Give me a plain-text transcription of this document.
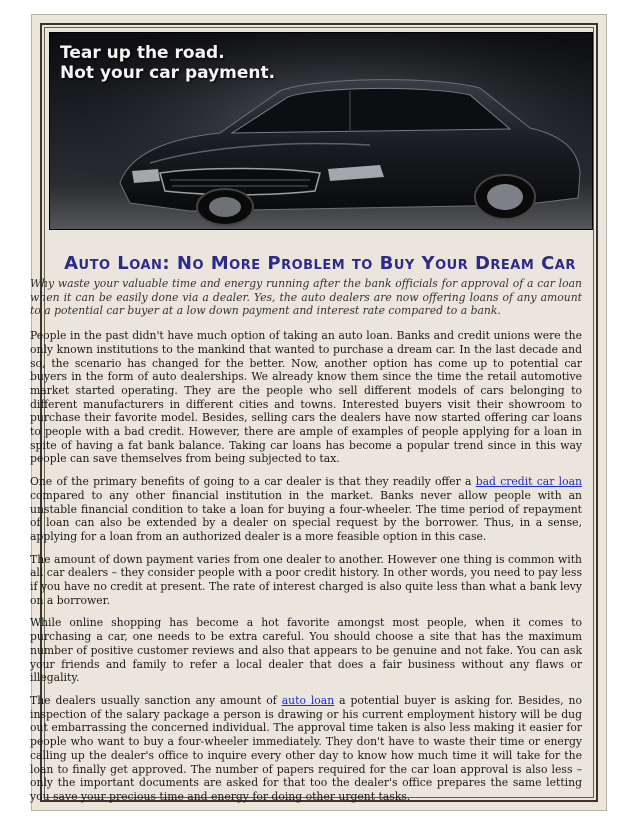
Tear up the road.
Not your car payment.
Auto Loan: No More Problem to Buy Your Dream Car

Why waste your valuable time and energy running after the bank officials for approval of a car loan when it can be easily done via a dealer. Yes, the auto dealers are now offering loans of any amount to a potential car buyer at a low down payment and interest rate compared to a bank.

People in the past didn't have much option of taking an auto loan. Banks and credit unions were the only known institutions to the mankind that wanted to purchase a dream car. In the last decade and so, the scenario has changed for the better. Now, another option has come up to potential car buyers in the form of auto dealerships. We already know them since the time the retail automotive market started operating. They are the people who sell different models of cars belonging to different manufacturers in different cities and towns. Interested buyers visit their showroom to purchase their favorite model. Besides, selling cars the dealers have now started offering car loans to people with a bad credit. However, there are ample of examples of people applying for a loan in spite of having a fat bank balance. Taking car loans has become a popular trend since in this way people can save themselves from being subjected to tax.

One of the primary benefits of going to a car dealer is that they readily offer a bad credit car loan compared to any other financial institution in the market. Banks never allow people with an unstable financial condition to take a loan for buying a four-wheeler. The time period of repayment of loan can also be extended by a dealer on special request by the borrower. Thus, in a sense, applying for a loan from an authorized dealer is a more feasible option in this case.

The amount of down payment varies from one dealer to another. However one thing is common with all car dealers – they consider people with a poor credit history. In other words, you need to pay less if you have no credit at present. The rate of interest charged is also quite less than what a bank levy on a borrower.

While online shopping has become a hot favorite amongst most people, when it comes to purchasing a car, one needs to be extra careful. You should choose a site that has the maximum number of positive customer reviews and also that appears to be genuine and not fake. You can ask your friends and family to refer a local dealer that does a fair business without any flaws or illegality.

The dealers usually sanction any amount of auto loan a potential buyer is asking for. Besides, no inspection of the salary package a person is drawing or his current employment history will be dug out embarrassing the concerned individual. The approval time taken is also less making it easier for people who want to buy a four-wheeler immediately. They don't have to waste their time or energy calling up the dealer's office to inquire every other day to know how much time it will take for the loan to finally get approved. The number of papers required for the car loan approval is also less – only the important documents are asked for that too the dealer's office prepares the same letting you save your precious time and energy for doing other urgent tasks.
